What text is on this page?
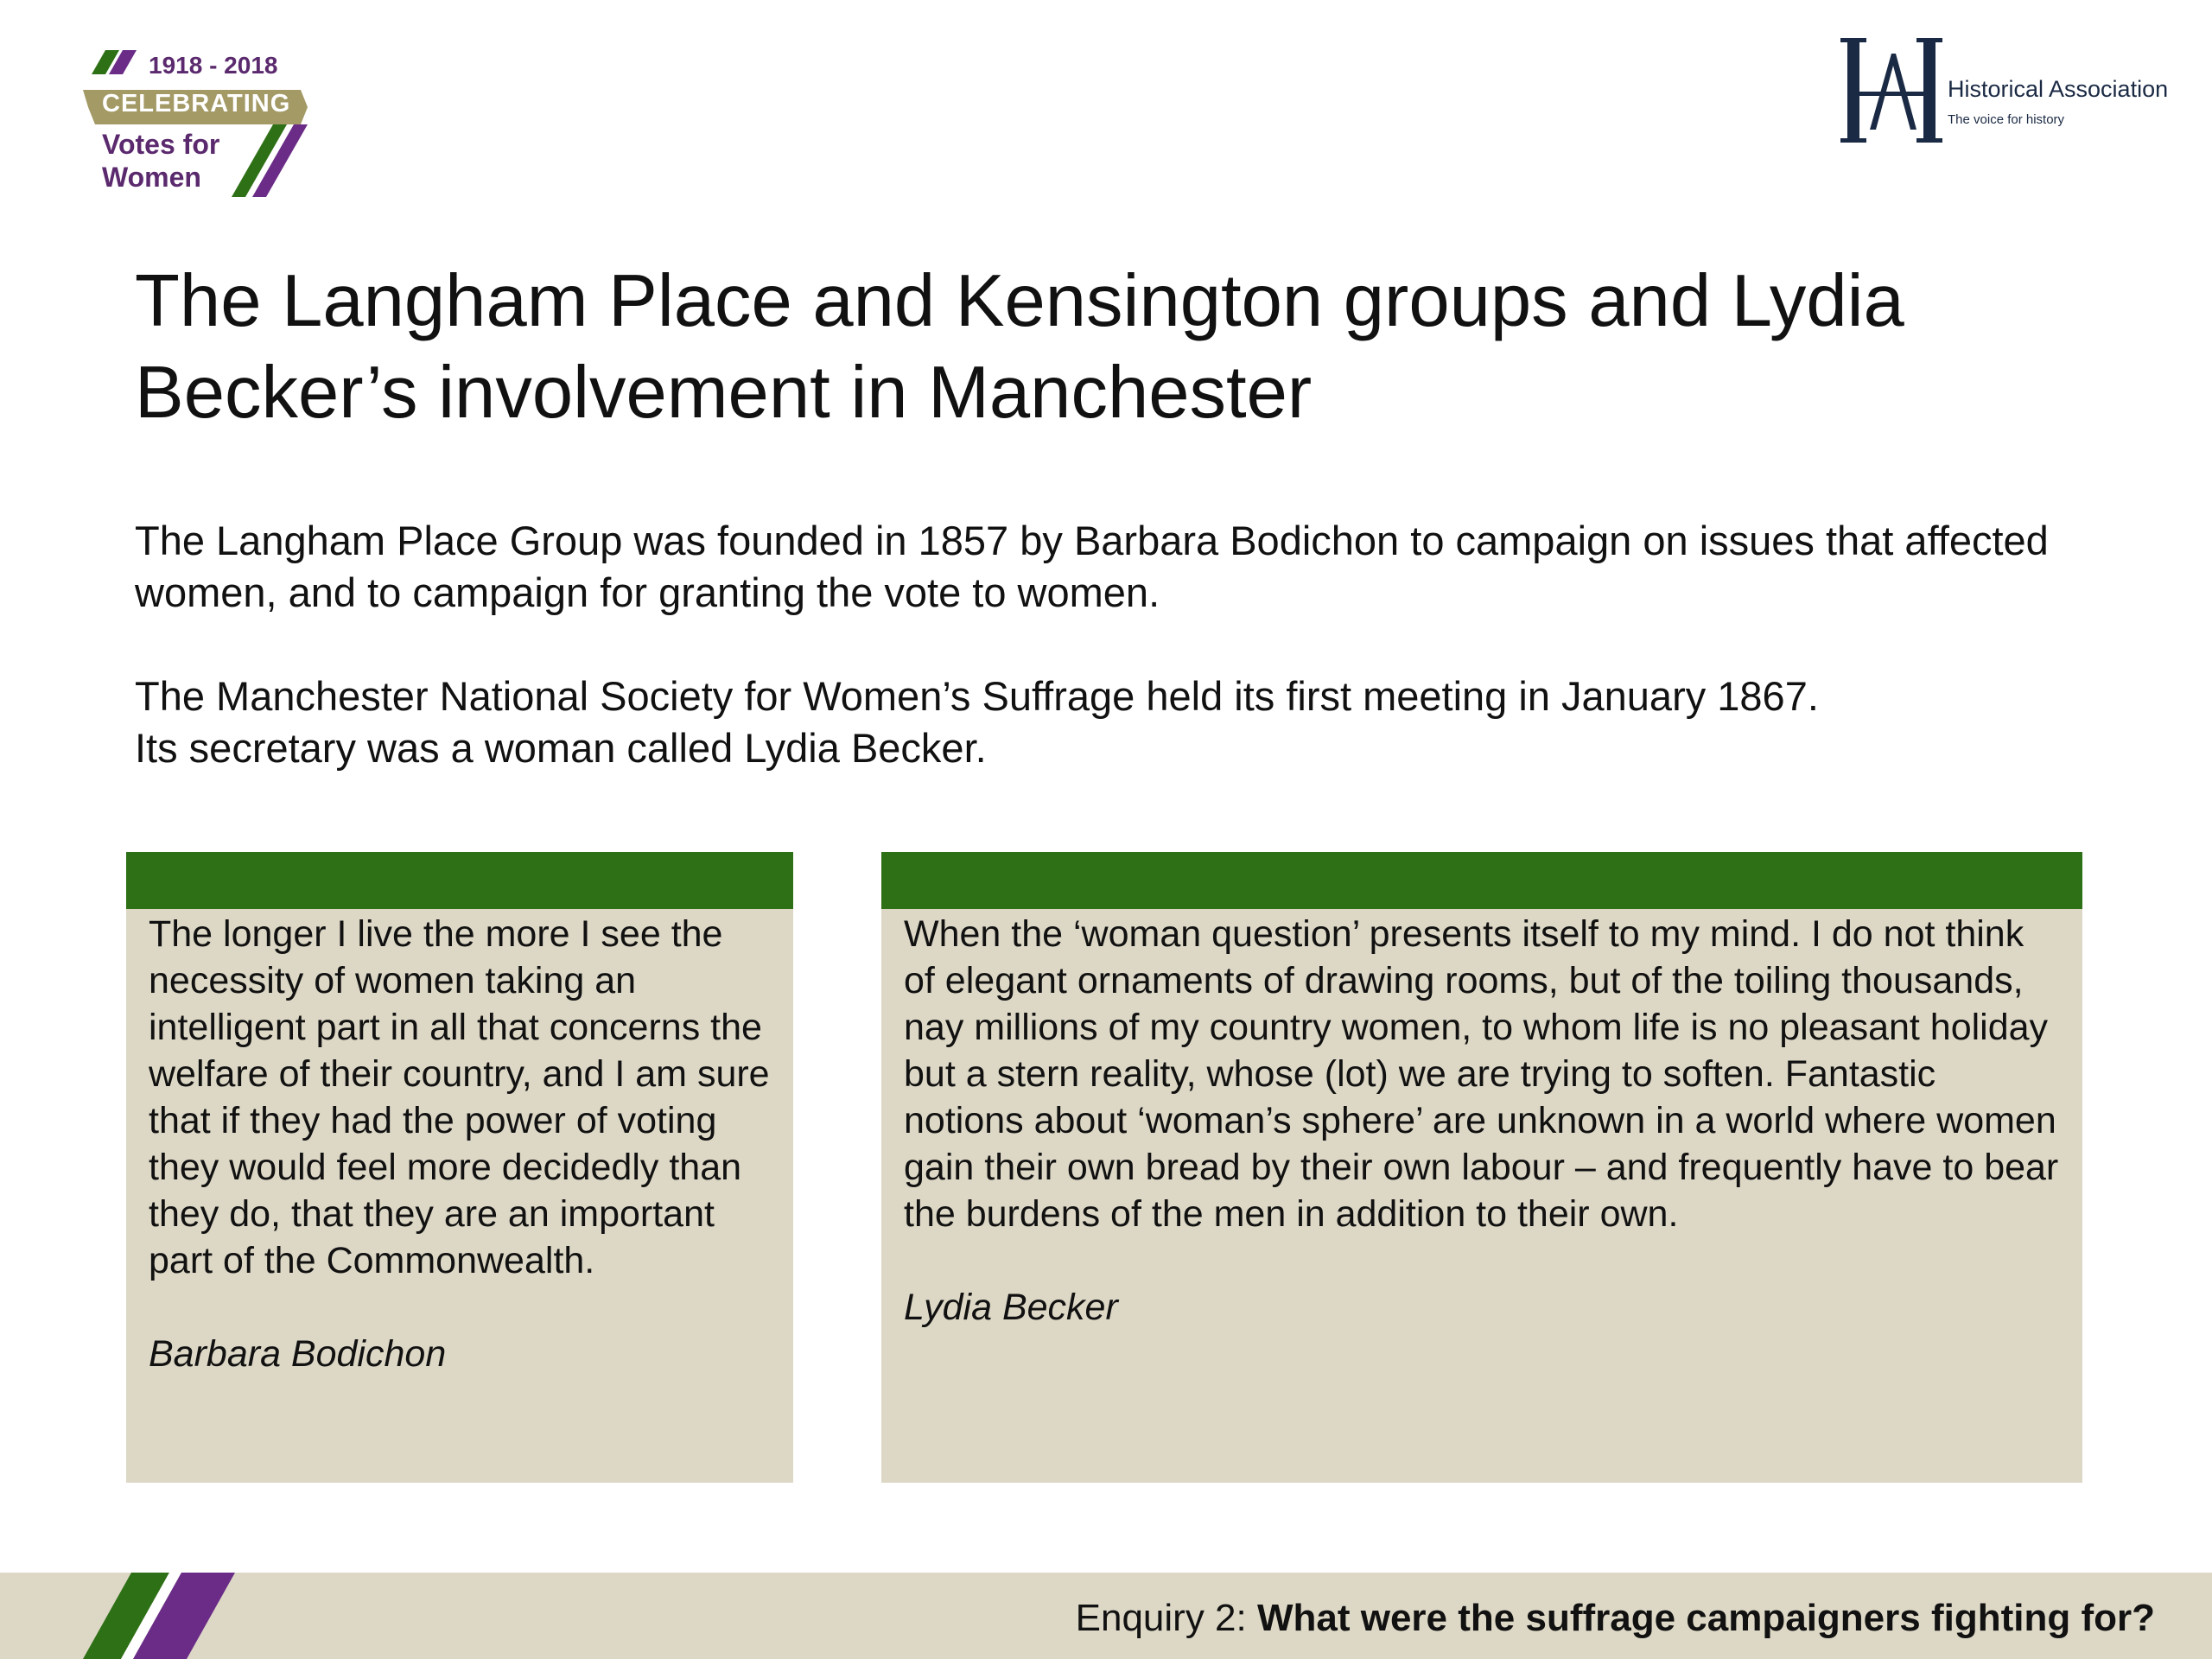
1918 - 2018
CELEBRATING
Votes for
Women
Historical Association
The voice for history
The Langham Place and Kensington groups and Lydia Becker’s involvement in Manchester

The Langham Place Group was founded in 1857 by Barbara Bodichon to campaign on issues that affected women, and to campaign for granting the vote to women.

The Manchester National Society for Women’s Suffrage held its first meeting in January 1867.
Its secretary was a woman called Lydia Becker.

The longer I live the more I see the necessity of women taking an intelligent part in all that concerns the welfare of their country, and I am sure that if they had the power of voting they would feel more decidedly than they do, that they are an important part of the Commonwealth.

Barbara Bodichon

When the ‘woman question’ presents itself to my mind. I do not think of elegant ornaments of drawing rooms, but of the toiling thousands, nay millions of my country women, to whom life is no pleasant holiday but a stern reality, whose (lot) we are trying to soften. Fantastic notions about ‘woman’s sphere’ are unknown in a world where women gain their own bread by their own labour – and frequently have to bear the burdens of the men in addition to their own.

Lydia Becker

Enquiry 2: What were the suffrage campaigners fighting for?
